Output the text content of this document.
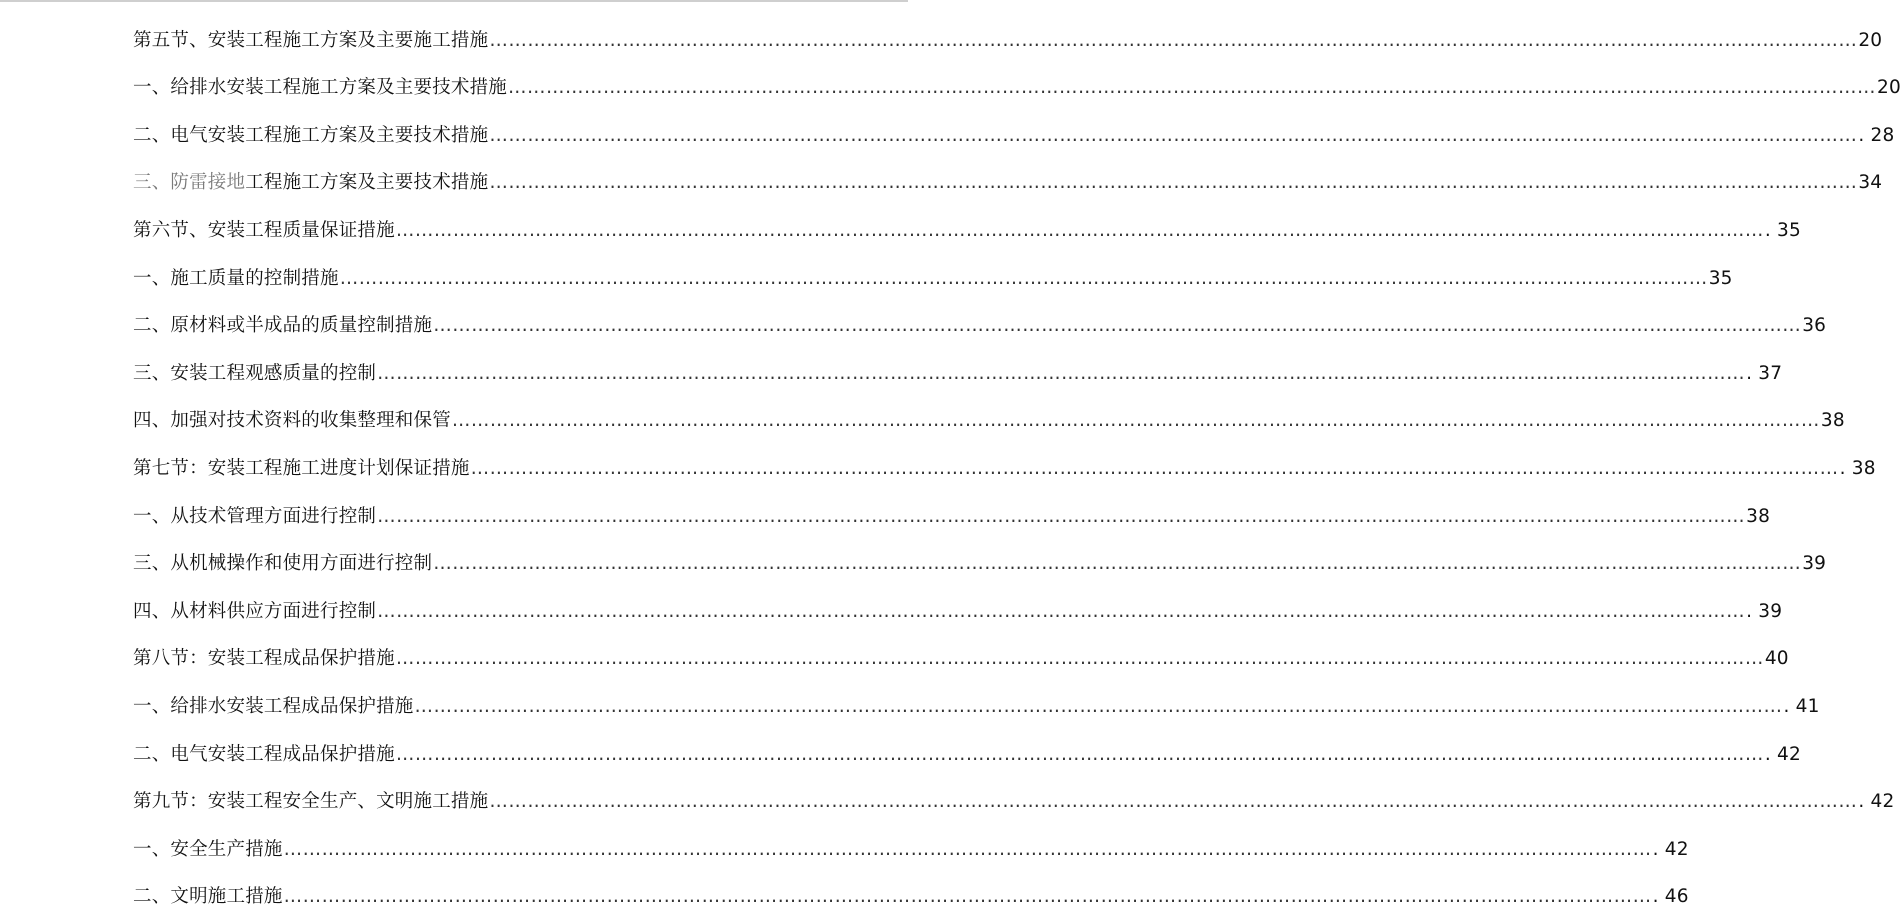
第五节、安装工程施工方案及主要施工措施 ……………………………………………………………………………………………………………………………………………………………………………………………… 20
一、给排水安装工程施工方案及主要技术措施 ……………………………………………………………………………………………………………………………………………………………………………………………… 20
二、电气安装工程施工方案及主要技术措施 ……………………………………………………………………………………………………………………………………………………………………………………………… . 28
三、防雷接地工程施工方案及主要技术措施 ……………………………………………………………………………………………………………………………………………………………………………………………… 34
第六节、安装工程质量保证措施 ……………………………………………………………………………………………………………………………………………………………………………………………… . 35
一、施工质量的控制措施 ……………………………………………………………………………………………………………………………………………………………………………………………… 35
二、原材料或半成品的质量控制措施 ……………………………………………………………………………………………………………………………………………………………………………………………… 36
三、安装工程观感质量的控制 ……………………………………………………………………………………………………………………………………………………………………………………………… . 37
四、加强对技术资料的收集整理和保管 ……………………………………………………………………………………………………………………………………………………………………………………………… 38
第七节：安装工程施工进度计划保证措施 ……………………………………………………………………………………………………………………………………………………………………………………………… . 38
一、从技术管理方面进行控制 ……………………………………………………………………………………………………………………………………………………………………………………………… 38
三、从机械操作和使用方面进行控制 ……………………………………………………………………………………………………………………………………………………………………………………………… 39
四、从材料供应方面进行控制 ……………………………………………………………………………………………………………………………………………………………………………………………… . 39
第八节：安装工程成品保护措施 ……………………………………………………………………………………………………………………………………………………………………………………………… 40
一、给排水安装工程成品保护措施 ……………………………………………………………………………………………………………………………………………………………………………………………… . 41
二、电气安装工程成品保护措施 ……………………………………………………………………………………………………………………………………………………………………………………………… . 42
第九节：安装工程安全生产、文明施工措施 ……………………………………………………………………………………………………………………………………………………………………………………………… . 42
一、安全生产措施 ……………………………………………………………………………………………………………………………………………………………………………………………… . 42
二、文明施工措施 ……………………………………………………………………………………………………………………………………………………………………………………………… . 46
